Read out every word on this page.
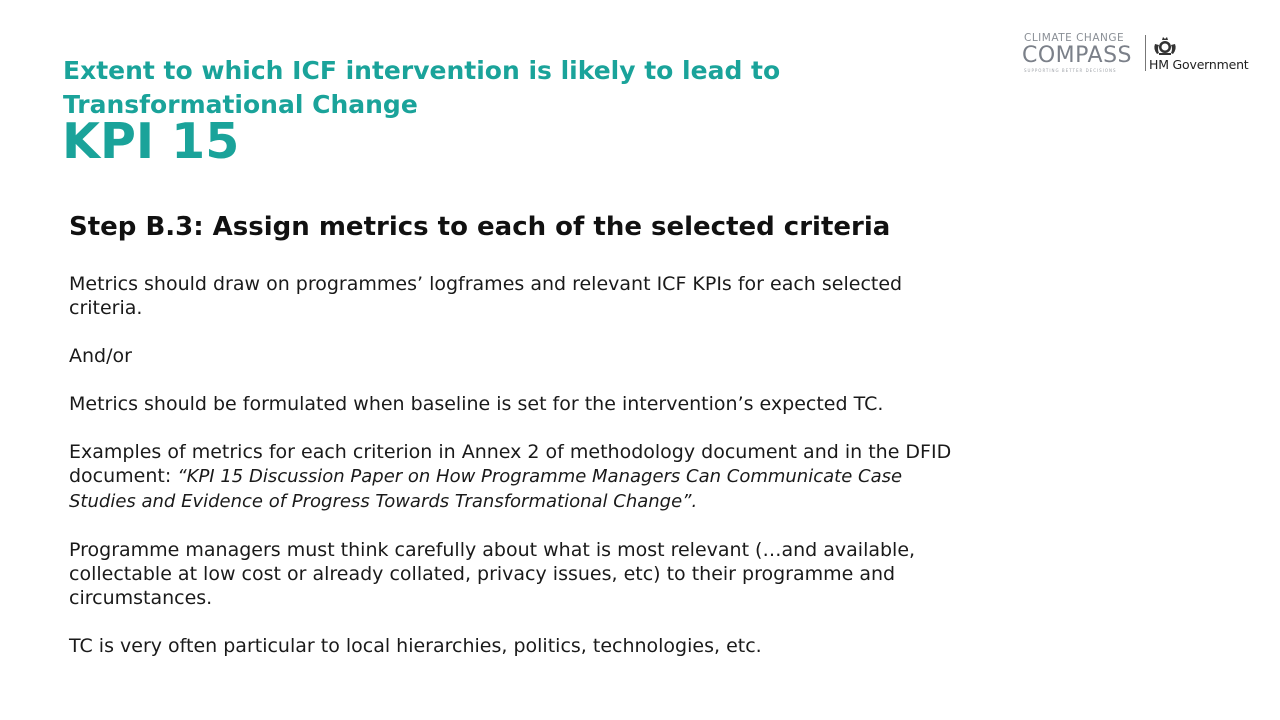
Extent to which ICF intervention is likely to lead to
Transformational Change
KPI 15
CLIMATE CHANGE
COMPASS
SUPPORTING BETTER DECISIONS	HM Government
Step B.3: Assign metrics to each of the selected criteria

Metrics should draw on programmes’ logframes and relevant ICF KPIs for each selected criteria.

And/or

Metrics should be formulated when baseline is set for the intervention’s expected TC.

Examples of metrics for each criterion in Annex 2 of methodology document and in the DFID document: “KPI 15 Discussion Paper on How Programme Managers Can Communicate Case Studies and Evidence of Progress Towards Transformational Change”.

Programme managers must think carefully about what is most relevant (…and available, collectable at low cost or already collated, privacy issues, etc) to their programme and circumstances.

TC is very often particular to local hierarchies, politics, technologies, etc.
